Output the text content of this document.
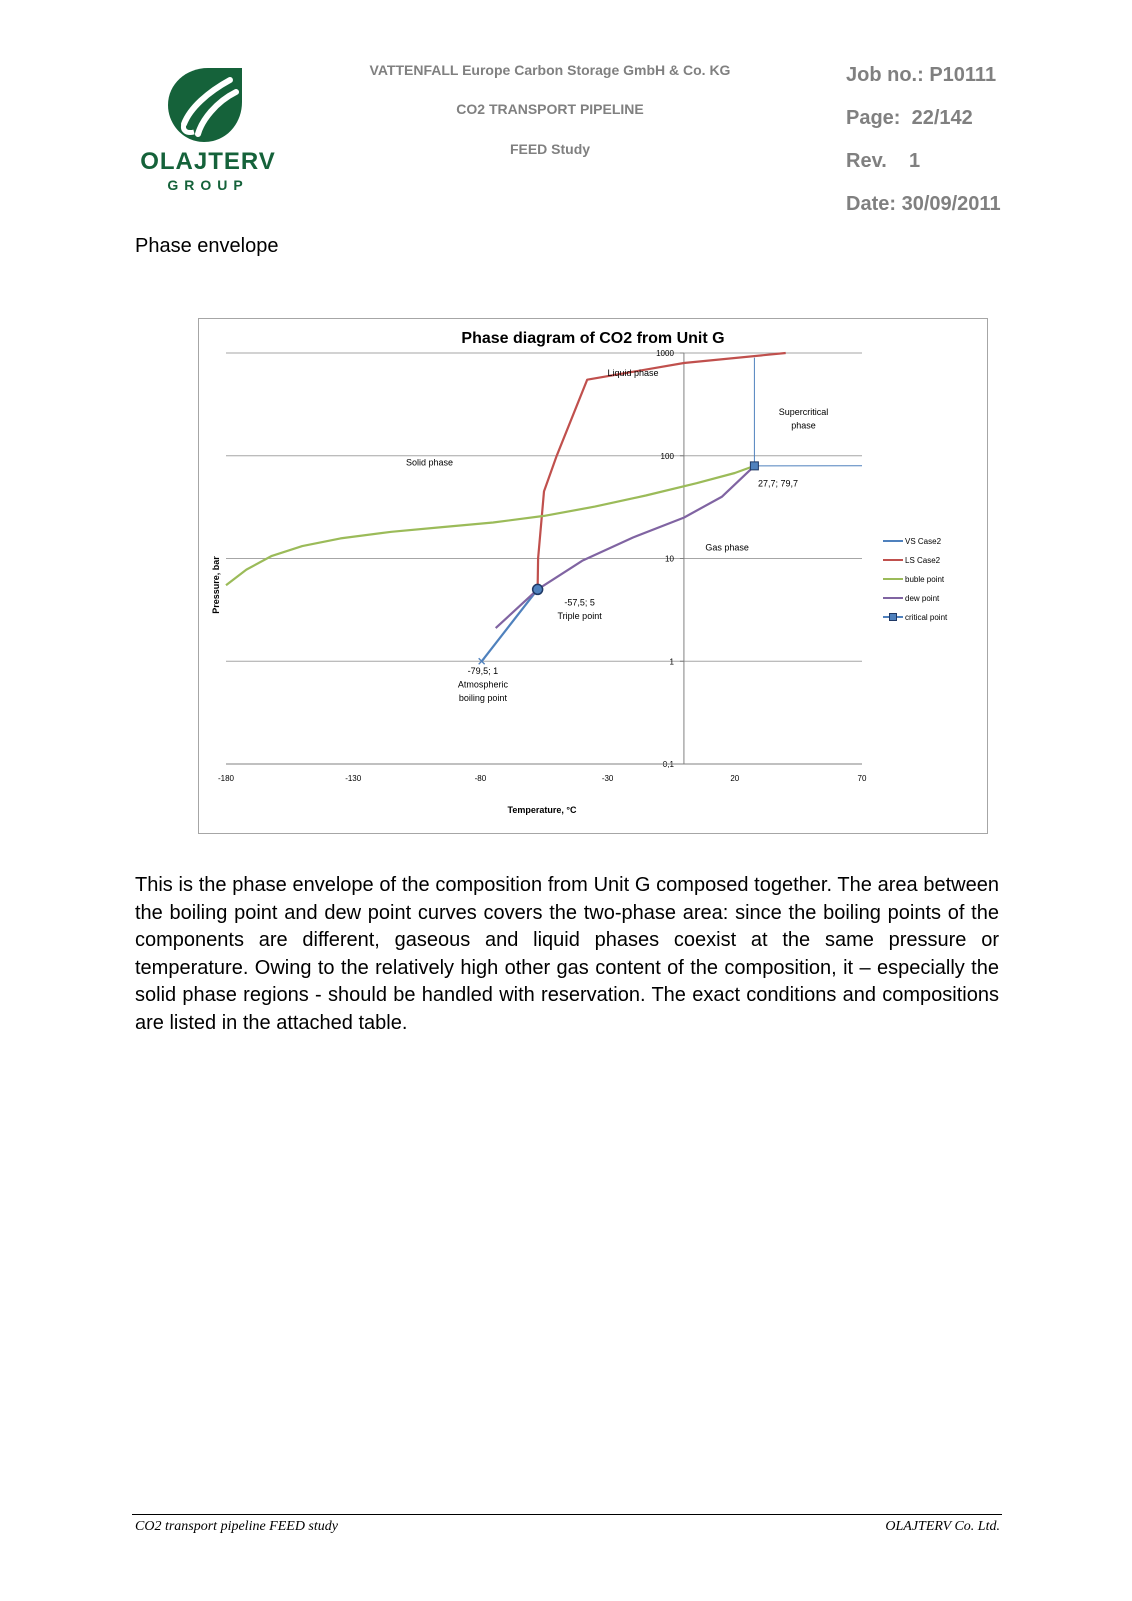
OLAJTERV
GROUP
VATTENFALL Europe Carbon Storage GmbH & Co. KG
CO2 TRANSPORT PIPELINE
FEED Study
Job no.: P10111
Page:  22/142
Rev.    1
Date: 30/09/2011
Phase envelope
Phase diagram of CO2 from Unit G
0,1
1
10
100
1000
-180	-130	-80	-30	20	70
Liquid phase
Supercritical
phase
Solid phase
Gas phase
27,7; 79,7
-57,5; 5
Triple point
-79,5; 1
Atmospheric
boiling point
VS Case2
LS Case2
buble point
dew point
critical point
Temperature, °C
Pressure, bar
This is the phase envelope of the composition from Unit G composed together. The area between the boiling point and dew point curves covers the two-phase area: since the boiling points of the components are different, gaseous and liquid phases coexist at the same pressure or temperature. Owing to the relatively high other gas content of the composition, it – especially the solid phase regions - should be handled with reservation. The exact conditions and compositions are listed in the attached table.
CO2 transport pipeline FEED study	OLAJTERV Co. Ltd.
